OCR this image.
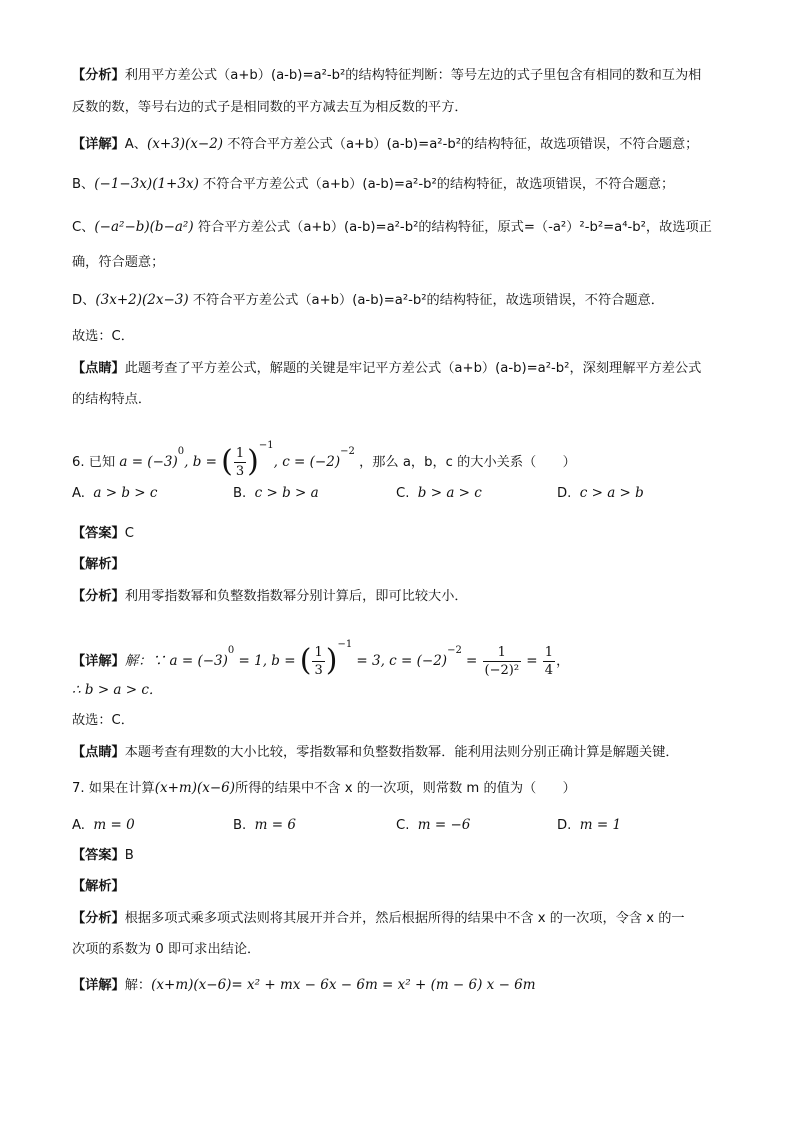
【分析】利用平方差公式（a+b）(a-b)=a²-b²的结构特征判断：等号左边的式子里包含有相同的数和互为相
反数的数，等号右边的式子是相同数的平方减去互为相反数的平方．
【详解】A、(x+3)(x−2) 不符合平方差公式（a+b）(a-b)=a²-b²的结构特征，故选项错误，不符合题意；
B、(−1−3x)(1+3x) 不符合平方差公式（a+b）(a-b)=a²-b²的结构特征，故选项错误，不符合题意；
C、(−a²−b)(b−a²) 符合平方差公式（a+b）(a-b)=a²-b²的结构特征，原式=（-a²）²-b²=a⁴-b²，故选项正
确，符合题意；
D、(3x+2)(2x−3) 不符合平方差公式（a+b）(a-b)=a²-b²的结构特征，故选项错误，不符合题意．
故选：C．
【点睛】此题考查了平方差公式，解题的关键是牢记平方差公式（a+b）(a-b)=a²-b²，深刻理解平方差公式
的结构特点．
6. 已知 $a = (-3)^0$, b = ( $\frac{1}{3} )^{-1}$, $c = (-2)^{-2}$ ，那么 a，b，c 的大小关系（　　）
A. a > b > c	B. c > b > a	C. b > a > c	D. c > a > b
【答案】C
【解析】
【分析】利用零指数幂和负整数指数幂分别计算后，即可比较大小．
【详解】解：∵ $a = (-3)^0 = 1$, b = ( $\frac{1}{3} )^{-1} = 3$, $c = (-2)^{-2} = \frac{1}{\text{(−2)²}} = \frac{1}{4}$ ，
∴ b > a > c．
故选：C．
【点睛】本题考查有理数的大小比较，零指数幂和负整数指数幂．能利用法则分别正确计算是解题关键．
7. 如果在计算(x+m)(x−6)所得的结果中不含 x 的一次项，则常数 m 的值为（　　）
A. m = 0	B. m = 6	C. m = −6	D. m = 1
【答案】B
【解析】
【分析】根据多项式乘多项式法则将其展开并合并，然后根据所得的结果中不含 x 的一次项，令含 x 的一
次项的系数为 0 即可求出结论．
【详解】解：(x+m)(x−6)= x² + mx − 6x − 6m = x² + (m − 6) x − 6m
